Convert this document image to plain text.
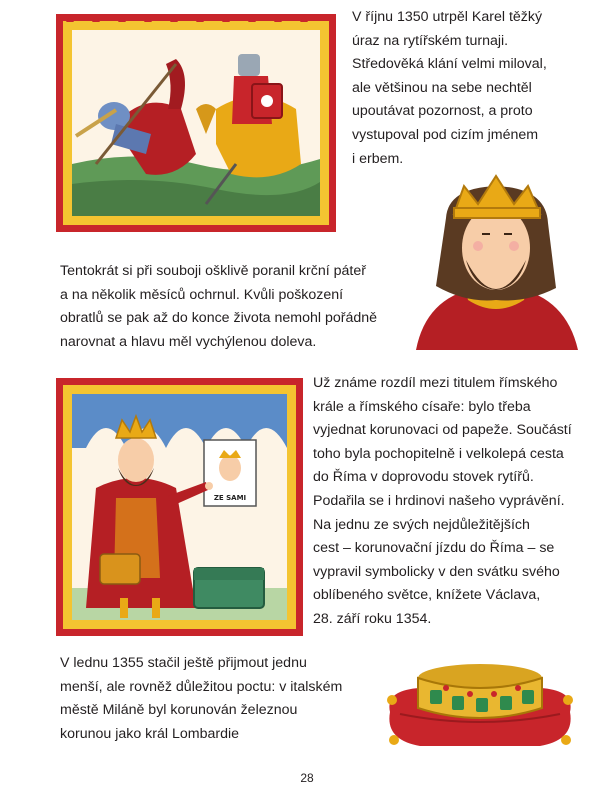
V říjnu 1350 utrpěl Karel těžký
úraz na rytířském turnaji.
Středověká klání velmi miloval,
ale většinou na sebe nechtěl
upoutávat pozornost, a proto
vystupoval pod cizím jménem
i erbem.
Tentokrát si při souboji ošklivě poranil krční páteř
a na několik měsíců ochrnul. Kvůli poškození
obratlů se pak až do konce života nemohl pořádně
narovnat a hlavu měl vychýlenou doleva.
ZE SAMI
Už známe rozdíl mezi titulem římského
krále a římského císaře: bylo třeba
vyjednat korunovaci od papeže. Součástí
toho byla pochopitelně i velkolepá cesta
do Říma v doprovodu stovek rytířů.
Podařila se i hrdinovi našeho vyprávění.
Na jednu ze svých nejdůležitějších
cest – korunovační jízdu do Říma – se
vypravil symbolicky v den svátku svého
oblíbeného světce, knížete Václava,
28. září roku 1354.
V lednu 1355 stačil ještě přijmout jednu
menší, ale rovněž důležitou poctu: v italském
městě Miláně byl korunován železnou
korunou jako král Lombardie
28
